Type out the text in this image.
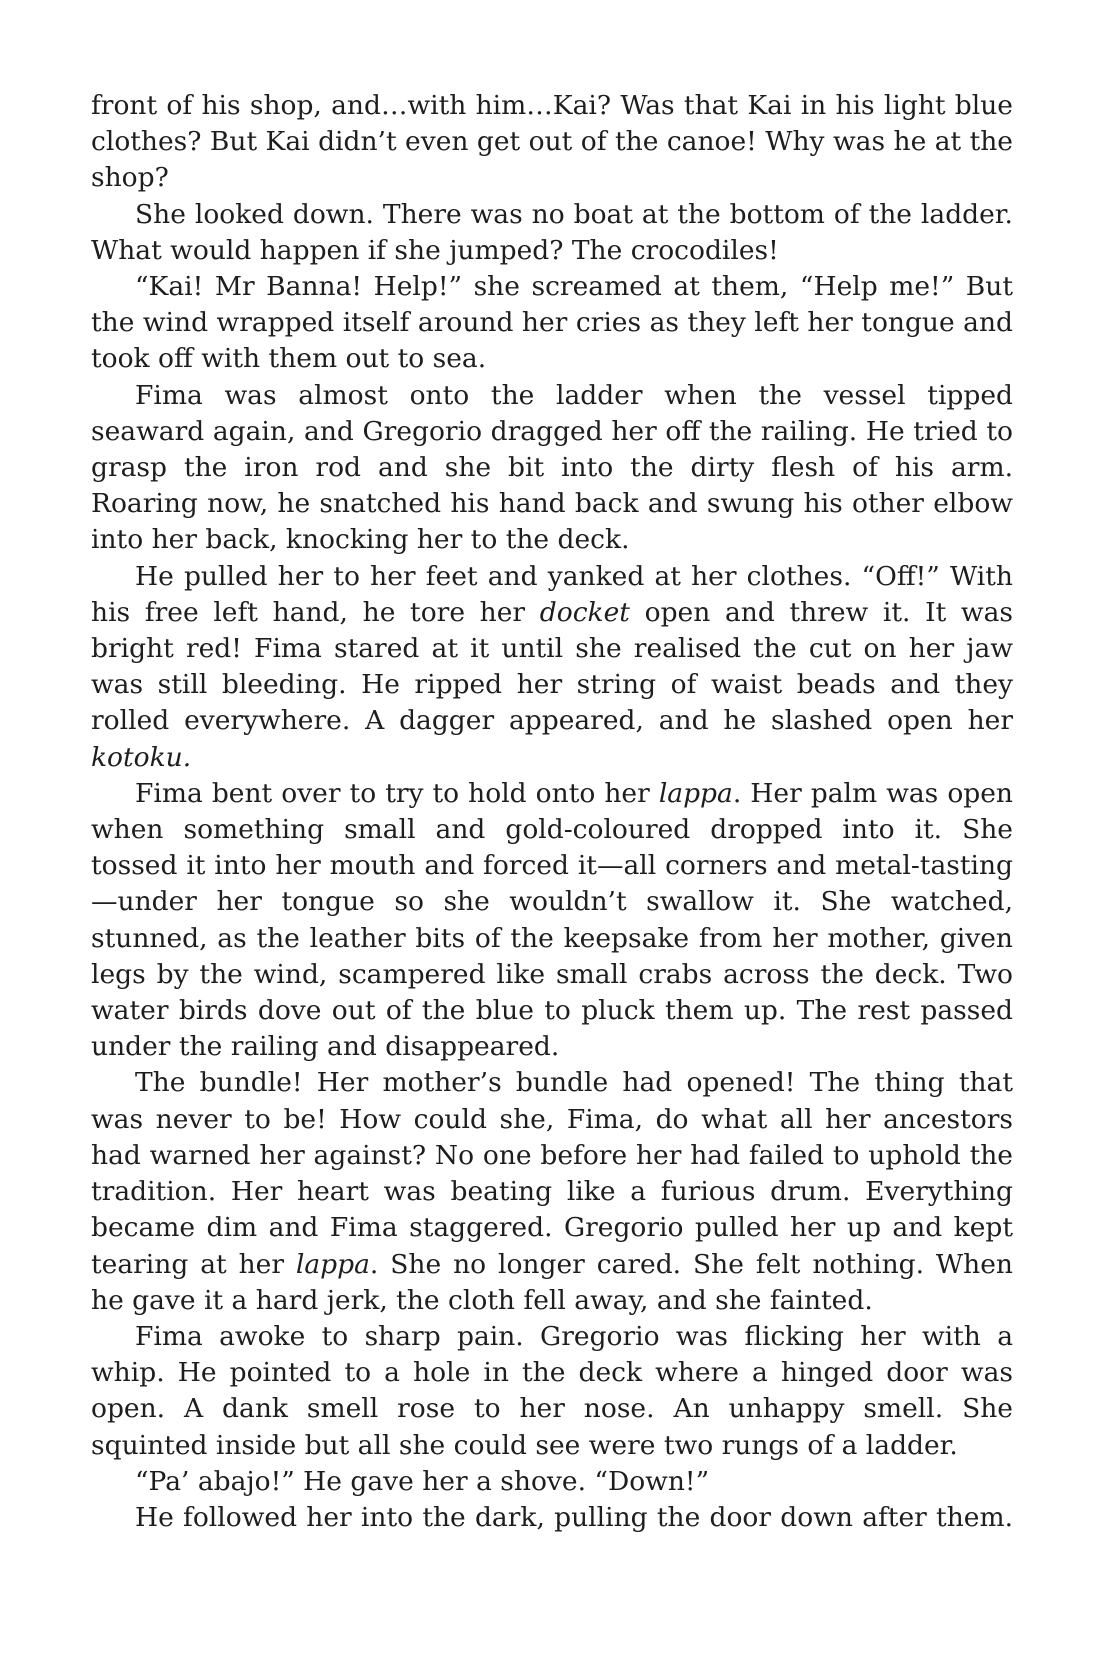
front of his shop, and…with him…Kai? Was that Kai in his light blue clothes? But Kai didn’t even get out of the canoe! Why was he at the shop?

She looked down. There was no boat at the bottom of the ladder. What would happen if she jumped? The crocodiles!

“Kai! Mr Banna! Help!” she screamed at them, “Help me!” But the wind wrapped itself around her cries as they left her tongue and took off with them out to sea.

Fima was almost onto the ladder when the vessel tipped seaward again, and Gregorio dragged her off the railing. He tried to grasp the iron rod and she bit into the dirty flesh of his arm. Roaring now, he snatched his hand back and swung his other elbow into her back, knocking her to the deck.

He pulled her to her feet and yanked at her clothes. “Off!” With his free left hand, he tore her docket open and threw it. It was bright red! Fima stared at it until she realised the cut on her jaw was still bleeding. He ripped her string of waist beads and they rolled everywhere. A dagger appeared, and he slashed open her kotoku.

Fima bent over to try to hold onto her lappa. Her palm was open when something small and gold-coloured dropped into it. She tossed it into her mouth and forced it—all corners and metal-tasting —under her tongue so she wouldn’t swallow it. She watched, stunned, as the leather bits of the keepsake from her mother, given legs by the wind, scampered like small crabs across the deck. Two water birds dove out of the blue to pluck them up. The rest passed under the railing and disappeared.

The bundle! Her mother’s bundle had opened! The thing that was never to be! How could she, Fima, do what all her ancestors had warned her against? No one before her had failed to uphold the tradition. Her heart was beating like a furious drum. Everything became dim and Fima staggered. Gregorio pulled her up and kept tearing at her lappa. She no longer cared. She felt nothing. When he gave it a hard jerk, the cloth fell away, and she fainted.

Fima awoke to sharp pain. Gregorio was flicking her with a whip. He pointed to a hole in the deck where a hinged door was open. A dank smell rose to her nose. An unhappy smell. She squinted inside but all she could see were two rungs of a ladder.

“Pa’ abajo!” He gave her a shove. “Down!”

He followed her into the dark, pulling the door down after them.
